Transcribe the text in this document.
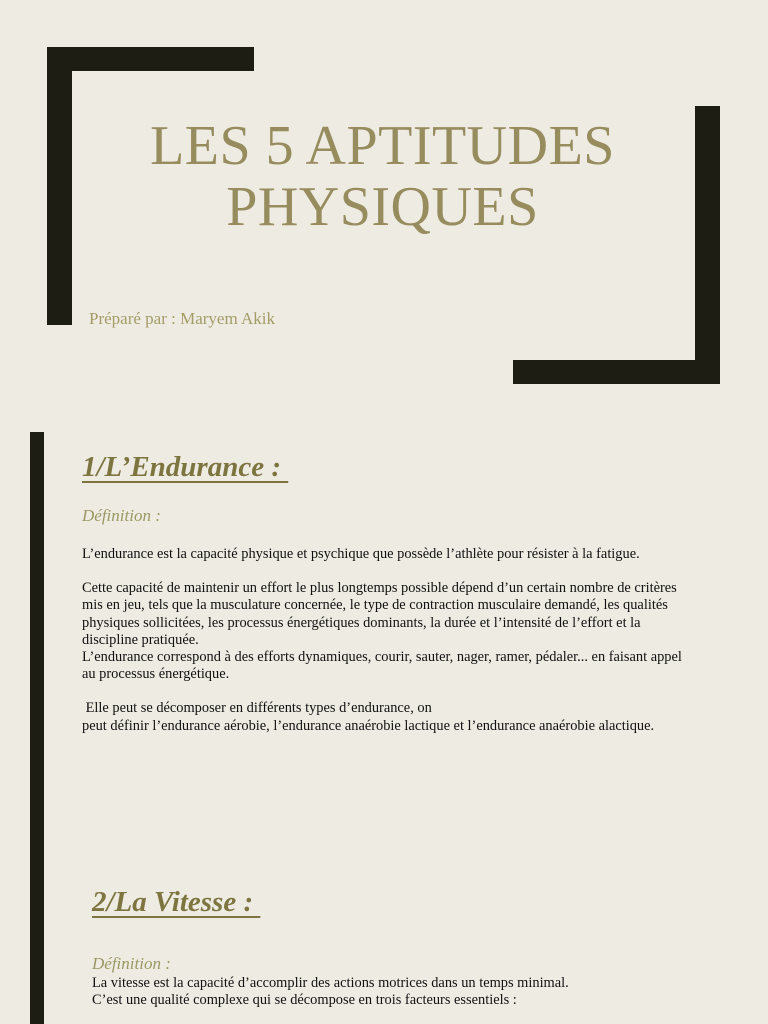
LES 5 APTITUDES
PHYSIQUES
Préparé par : Maryem Akik
1/L’Endurance :
Définition :

L’endurance est la capacité physique et psychique que possède l’athlète pour résister à la fatigue.

Cette capacité de maintenir un effort le plus longtemps possible dépend d’un certain nombre de critères mis en jeu, tels que la musculature concernée, le type de contraction musculaire demandé, les qualités physiques sollicitées, les processus énergétiques dominants, la durée et l’intensité de l’effort et la discipline pratiquée.

L’endurance correspond à des efforts dynamiques, courir, sauter, nager, ramer, pédaler... en faisant appel au processus énergétique.

Elle peut se décomposer en différents types d’endurance, on

peut définir l’endurance aérobie, l’endurance anaérobie lactique et l’endurance anaérobie alactique.

2/La Vitesse :
Définition :

La vitesse est la capacité d’accomplir des actions motrices dans un temps minimal. C’est une qualité complexe qui se décompose en trois facteurs essentiels :
